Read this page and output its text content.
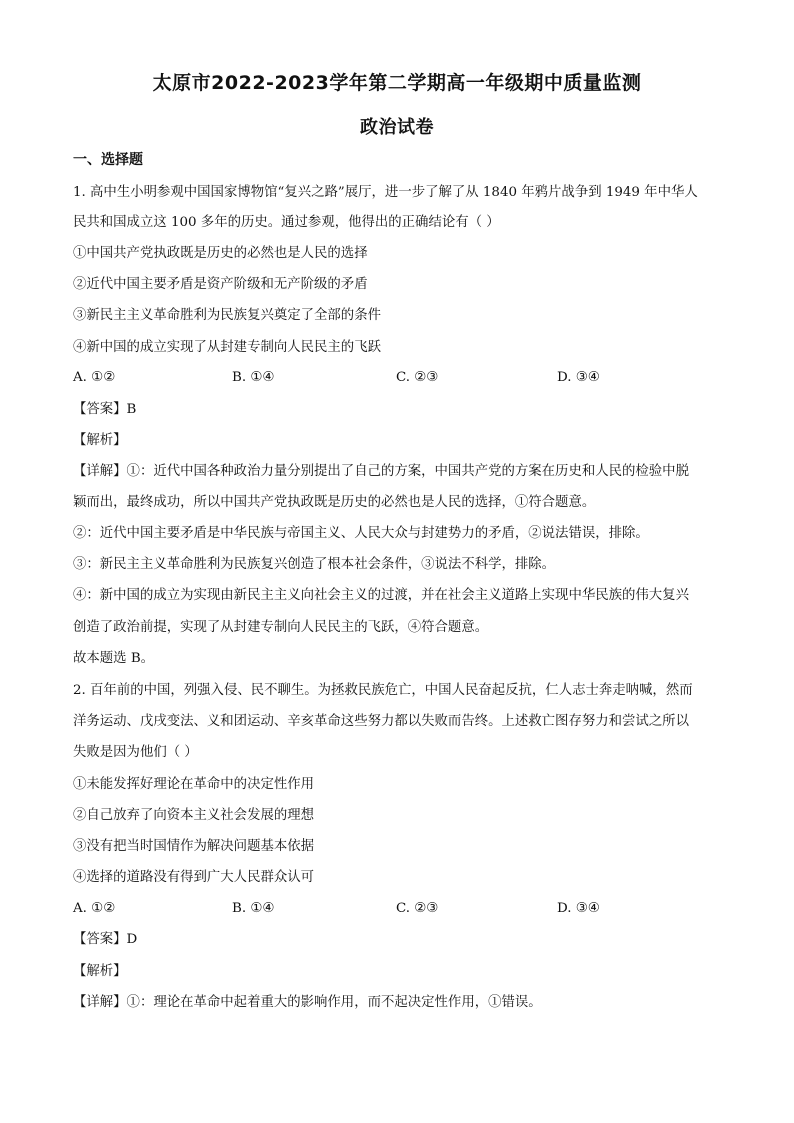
太原市2022-2023学年第二学期高一年级期中质量监测
政治试卷
一、选择题
1. 高中生小明参观中国国家博物馆“复兴之路”展厅，进一步了解了从 1840 年鸦片战争到 1949 年中华人
民共和国成立这 100 多年的历史。通过参观，他得出的正确结论有（ ）
①中国共产党执政既是历史的必然也是人民的选择
②近代中国主要矛盾是资产阶级和无产阶级的矛盾
③新民主主义革命胜利为民族复兴奠定了全部的条件
④新中国的成立实现了从封建专制向人民民主的飞跃
A. ①②	B. ①④	C. ②③	D. ③④
【答案】B
【解析】
【详解】①：近代中国各种政治力量分别提出了自己的方案，中国共产党的方案在历史和人民的检验中脱
颖而出，最终成功，所以中国共产党执政既是历史的必然也是人民的选择，①符合题意。
②：近代中国主要矛盾是中华民族与帝国主义、人民大众与封建势力的矛盾，②说法错误，排除。
③：新民主主义革命胜利为民族复兴创造了根本社会条件，③说法不科学，排除。
④：新中国的成立为实现由新民主主义向社会主义的过渡，并在社会主义道路上实现中华民族的伟大复兴
创造了政治前提，实现了从封建专制向人民民主的飞跃，④符合题意。
故本题选 B。
2. 百年前的中国，列强入侵、民不聊生。为拯救民族危亡，中国人民奋起反抗，仁人志士奔走呐喊，然而
洋务运动、戊戌变法、义和团运动、辛亥革命这些努力都以失败而告终。上述救亡图存努力和尝试之所以
失败是因为他们（ ）
①未能发挥好理论在革命中的决定性作用
②自己放弃了向资本主义社会发展的理想
③没有把当时国情作为解决问题基本依据
④选择的道路没有得到广大人民群众认可
A. ①②	B. ①④	C. ②③	D. ③④
【答案】D
【解析】
【详解】①：理论在革命中起着重大的影响作用，而不起决定性作用，①错误。
